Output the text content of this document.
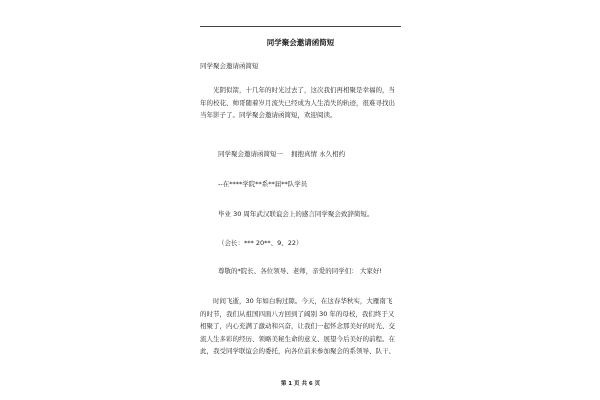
同学聚会邀请函简短
同学聚会邀请函简短
光阴似箭，十几年的时光过去了，这次我们再相聚是幸福的，当
年的校花、帅哥随着岁月流失已经成为人生消失的轨迹，很难寻找出
当年影子了。同学聚会邀请函简短，欢迎阅读。
同学聚会邀请函简短一 拥抱真情 永久相约
--在****学院**系**届**队学员
毕业 30 周年武汉联谊会上的感言同学聚会致辞简短。
（会长：*** 20**、9、22）
尊敬的*院长、各位领导、老师，亲爱的同学们： 大家好!
时间飞逝，30 年如白驹过隙。今天，在这春华秋实，大雁南飞
的时节，我们从祖国四面八方回到了阔别 30 年的母校，我们终于又
相聚了，内心充满了激动和兴奋，让我们一起怀念那美好的时光、交
流人生多彩的经历、领略美秘生命的意义、展望今后美好的前程。在
此，我受同学联谊会的委托，向各位前来参加聚会的系领导、队干、
第 1 页 共 6 页
